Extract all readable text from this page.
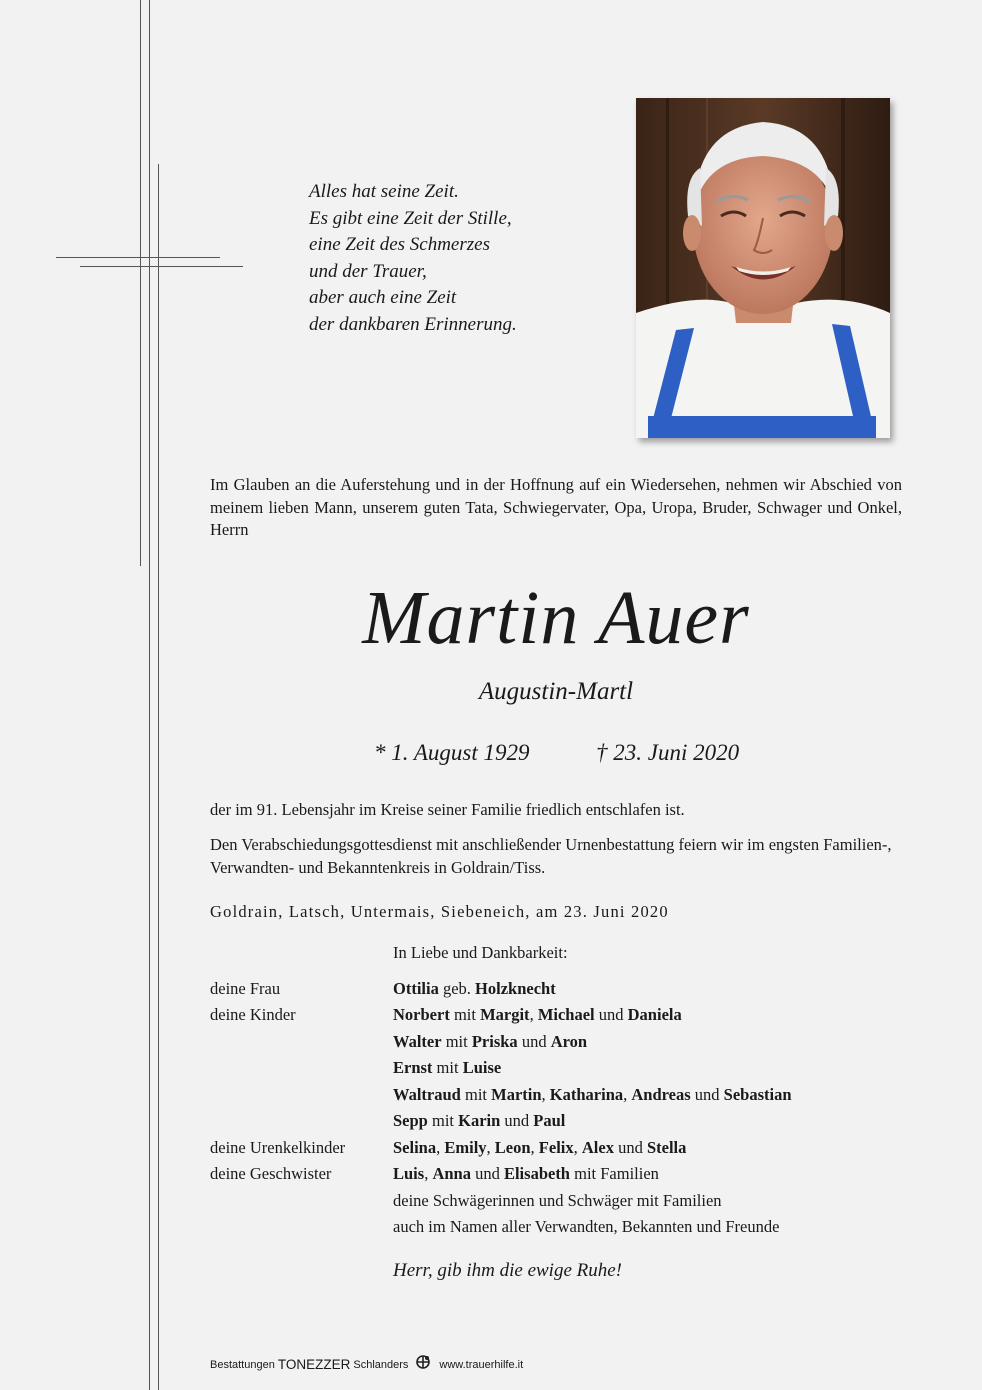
Alles hat seine Zeit.
Es gibt eine Zeit der Stille,
eine Zeit des Schmerzes
und der Trauer,
aber auch eine Zeit
der dankbaren Erinnerung.
Im Glauben an die Auferstehung und in der Hoffnung auf ein Wiedersehen, nehmen wir Abschied von meinem lieben Mann, unserem guten Tata, Schwiegervater, Opa, Uropa, Bruder, Schwager und Onkel, Herrn
Martin Auer
Augustin-Martl
* 1. August 1929	† 23. Juni 2020
der im 91. Lebensjahr im Kreise seiner Familie friedlich entschlafen ist.
Den Verabschiedungsgottesdienst mit anschließender Urnenbestattung feiern wir im engsten Familien-, Verwandten- und Bekanntenkreis in Goldrain/Tiss.
Goldrain, Latsch, Untermais, Siebeneich, am 23. Juni 2020
In Liebe und Dankbarkeit:
deine Frau
deine Kinder
deine Urenkelkinder
deine Geschwister
Ottilia geb. Holzknecht
Norbert mit Margit, Michael und Daniela
Walter mit Priska und Aron
Ernst mit Luise
Waltraud mit Martin, Katharina, Andreas und Sebastian
Sepp mit Karin und Paul
Selina, Emily, Leon, Felix, Alex und Stella
Luis, Anna und Elisabeth mit Familien
deine Schwägerinnen und Schwäger mit Familien
auch im Namen aller Verwandten, Bekannten und Freunde
Herr, gib ihm die ewige Ruhe!
Bestattungen TONEZZER Schlanders	www.trauerhilfe.it
